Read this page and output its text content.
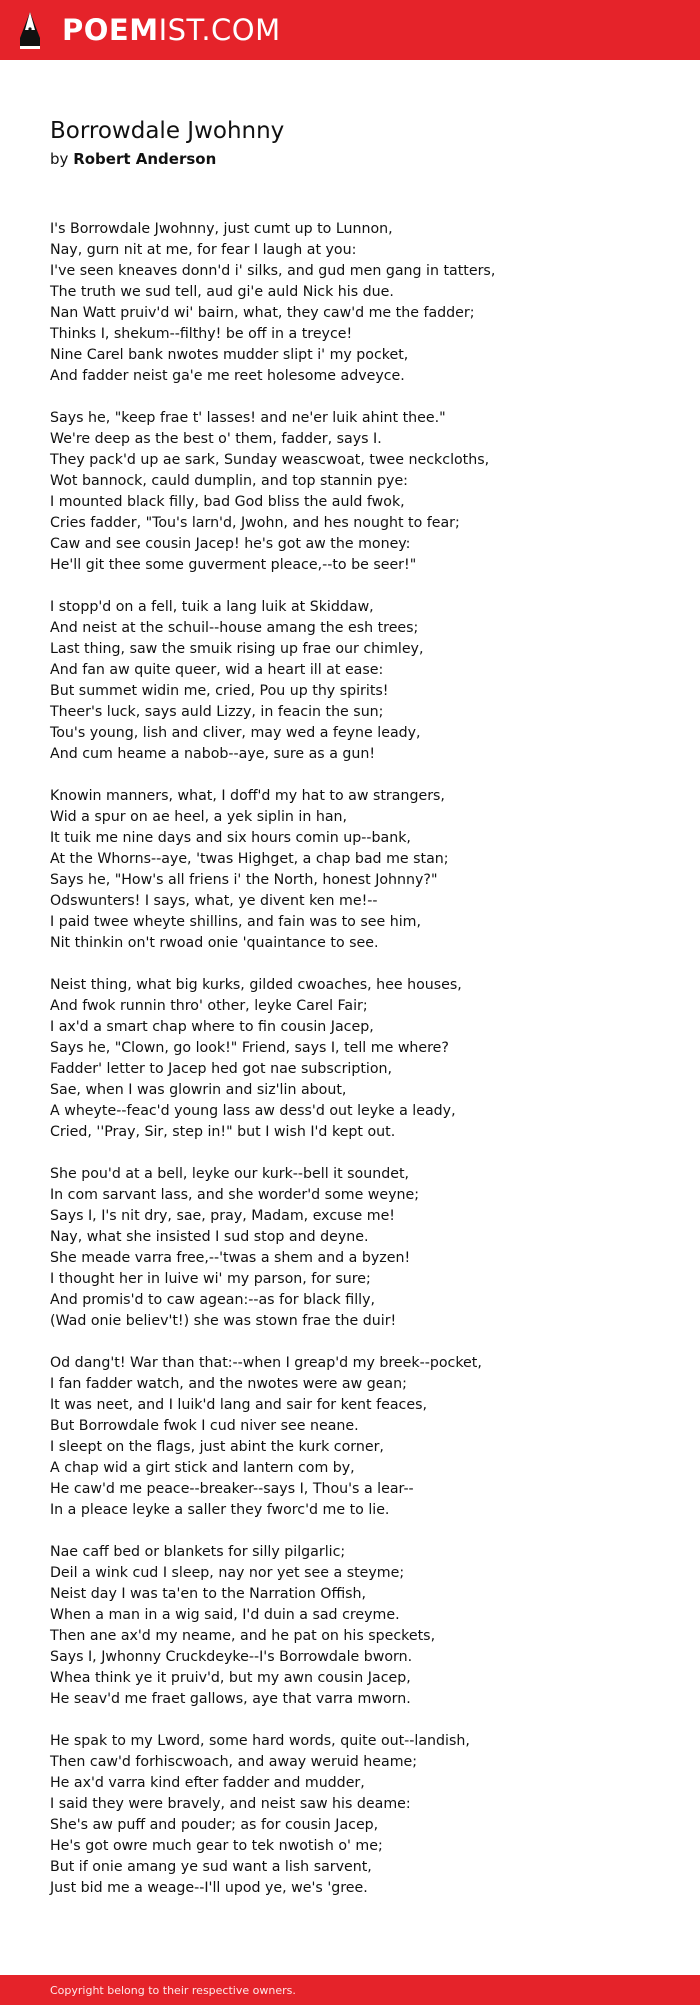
POEMIST.COM
Borrowdale Jwohnny
by Robert Anderson
I's Borrowdale Jwohnny, just cumt up to Lunnon,
Nay, gurn nit at me, for fear I laugh at you:
I've seen kneaves donn'd i' silks, and gud men gang in tatters,
The truth we sud tell, aud gi'e auld Nick his due.
Nan Watt pruiv'd wi' bairn, what, they caw'd me the fadder;
Thinks I, shekum--filthy! be off in a treyce!
Nine Carel bank nwotes mudder slipt i' my pocket,
And fadder neist ga'e me reet holesome adveyce.
Says he, "keep frae t' lasses! and ne'er luik ahint thee."
We're deep as the best o' them, fadder, says I.
They pack'd up ae sark, Sunday weascwoat, twee neckcloths,
Wot bannock, cauld dumplin, and top stannin pye:
I mounted black filly, bad God bliss the auld fwok,
Cries fadder, "Tou's larn'd, Jwohn, and hes nought to fear;
Caw and see cousin Jacep! he's got aw the money:
He'll git thee some guverment pleace,--to be seer!"
I stopp'd on a fell, tuik a lang luik at Skiddaw,
And neist at the schuil--house amang the esh trees;
Last thing, saw the smuik rising up frae our chimley,
And fan aw quite queer, wid a heart ill at ease:
But summet widin me, cried, Pou up thy spirits!
Theer's luck, says auld Lizzy, in feacin the sun;
Tou's young, lish and cliver, may wed a feyne leady,
And cum heame a nabob--aye, sure as a gun!
Knowin manners, what, I doff'd my hat to aw strangers,
Wid a spur on ae heel, a yek siplin in han,
It tuik me nine days and six hours comin up--bank,
At the Whorns--aye, 'twas Highget, a chap bad me stan;
Says he, "How's all friens i' the North, honest Johnny?"
Odswunters! I says, what, ye divent ken me!--
I paid twee wheyte shillins, and fain was to see him,
Nit thinkin on't rwoad onie 'quaintance to see.
Neist thing, what big kurks, gilded cwoaches, hee houses,
And fwok runnin thro' other, leyke Carel Fair;
I ax'd a smart chap where to fin cousin Jacep,
Says he, "Clown, go look!" Friend, says I, tell me where?
Fadder' letter to Jacep hed got nae subscription,
Sae, when I was glowrin and siz'lin about,
A wheyte--feac'd young lass aw dess'd out leyke a leady,
Cried, ''Pray, Sir, step in!" but I wish I'd kept out.
She pou'd at a bell, leyke our kurk--bell it soundet,
In com sarvant lass, and she worder'd some weyne;
Says I, I's nit dry, sae, pray, Madam, excuse me!
Nay, what she insisted I sud stop and deyne.
She meade varra free,--'twas a shem and a byzen!
I thought her in luive wi' my parson, for sure;
And promis'd to caw agean:--as for black filly,
(Wad onie believ't!) she was stown frae the duir!
Od dang't! War than that:--when I greap'd my breek--pocket,
I fan fadder watch, and the nwotes were aw gean;
It was neet, and I luik'd lang and sair for kent feaces,
But Borrowdale fwok I cud niver see neane.
I sleept on the flags, just abint the kurk corner,
A chap wid a girt stick and lantern com by,
He caw'd me peace--breaker--says I, Thou's a lear--
In a pleace leyke a saller they fworc'd me to lie.
Nae caff bed or blankets for silly pilgarlic;
Deil a wink cud I sleep, nay nor yet see a steyme;
Neist day I was ta'en to the Narration Offish,
When a man in a wig said, I'd duin a sad creyme.
Then ane ax'd my neame, and he pat on his speckets,
Says I, Jwhonny Cruckdeyke--I's Borrowdale bworn.
Whea think ye it pruiv'd, but my awn cousin Jacep,
He seav'd me fraet gallows, aye that varra mworn.
He spak to my Lword, some hard words, quite out--landish,
Then caw'd forhiscwoach, and away weruid heame;
He ax'd varra kind efter fadder and mudder,
I said they were bravely, and neist saw his deame:
She's aw puff and pouder; as for cousin Jacep,
He's got owre much gear to tek nwotish o' me;
But if onie amang ye sud want a lish sarvent,
Just bid me a weage--I'll upod ye, we's 'gree.
Copyright belong to their respective owners.
